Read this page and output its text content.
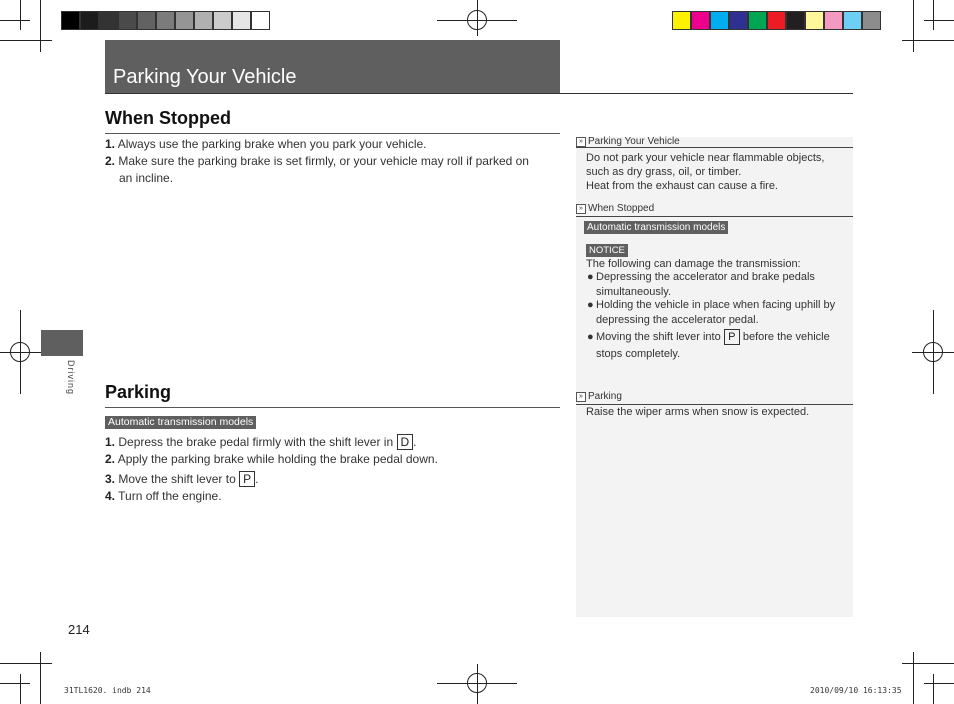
Parking Your Vehicle
When Stopped
1. Always use the parking brake when you park your vehicle.
2. Make sure the parking brake is set firmly, or your vehicle may roll if parked on
an incline.
Driving Parking
Automatic transmission models
1. Depress the brake pedal firmly with the shift lever in D .
2. Apply the parking brake while holding the brake pedal down.
3. Move the shift lever to P .
4. Turn off the engine.
» Parking Your Vehicle
Do not park your vehicle near flammable objects,
such as dry grass, oil, or timber.
Heat from the exhaust can cause a fire.
» When Stopped
Automatic transmission models
NOTICE
The following can damage the transmission:
● Depressing the accelerator and brake pedals
simultaneously.
● Holding the vehicle in place when facing uphill by
depressing the accelerator pedal.
● Moving the shift lever into P before the vehicle
stops completely.
» Parking
Raise the wiper arms when snow is expected.
214
31TL1620. indb 214	2010/09/10 16:13:35
